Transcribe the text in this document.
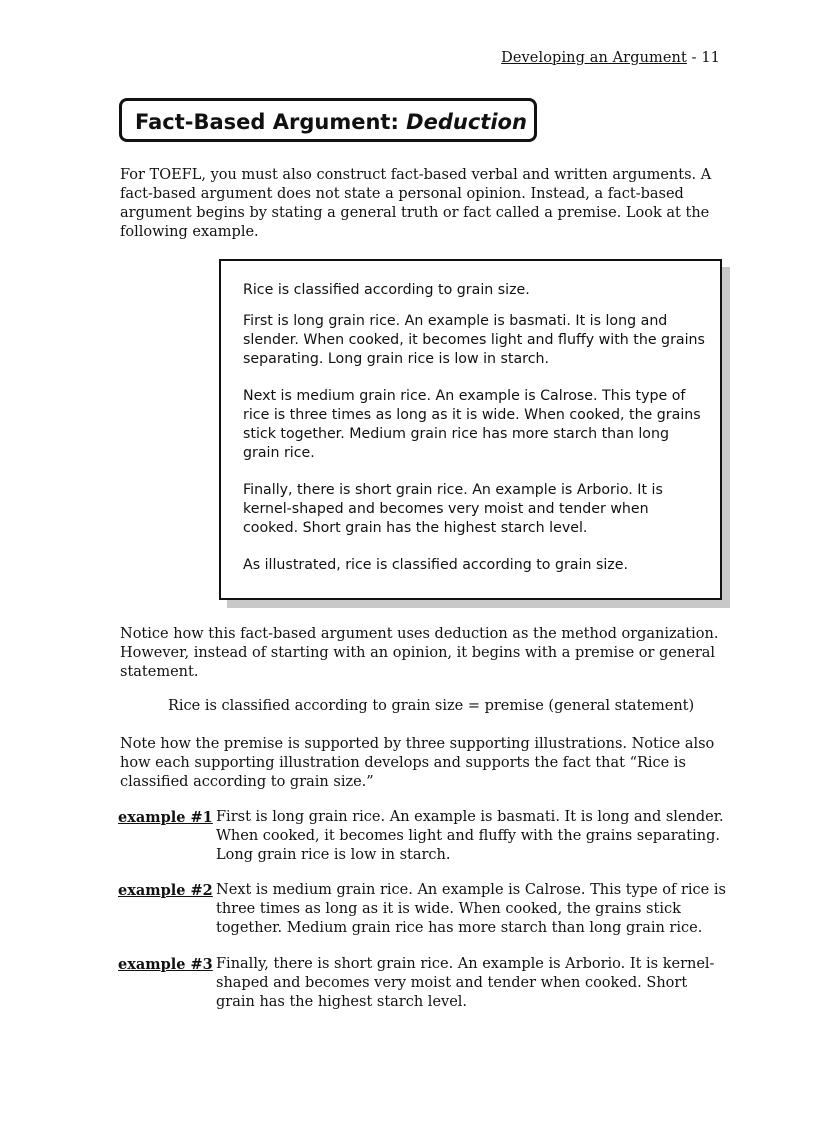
Developing an Argument - 11
Fact-Based Argument: Deduction

For TOEFL, you must also construct fact-based verbal and written arguments. A fact-based argument does not state a personal opinion. Instead, a fact-based argument begins by stating a general truth or fact called a premise. Look at the following example.

Rice is classified according to grain size.

First is long grain rice. An example is basmati. It is long and slender. When cooked, it becomes light and fluffy with the grains separating. Long grain rice is low in starch.

Next is medium grain rice. An example is Calrose. This type of rice is three times as long as it is wide. When cooked, the grains stick together. Medium grain rice has more starch than long grain rice.

Finally, there is short grain rice. An example is Arborio. It is kernel-shaped and becomes very moist and tender when cooked. Short grain has the highest starch level.

As illustrated, rice is classified according to grain size.

Notice how this fact-based argument uses deduction as the method organization. However, instead of starting with an opinion, it begins with a premise or general statement.

Rice is classified according to grain size = premise (general statement)

Note how the premise is supported by three supporting illustrations. Notice also how each supporting illustration develops and supports the fact that “Rice is classified according to grain size.”

example #1 First is long grain rice. An example is basmati. It is long and slender. When cooked, it becomes light and fluffy with the grains separating. Long grain rice is low in starch.
example #2 Next is medium grain rice. An example is Calrose. This type of rice is three times as long as it is wide. When cooked, the grains stick together. Medium grain rice has more starch than long grain rice.
example #3 Finally, there is short grain rice. An example is Arborio. It is kernel-shaped and becomes very moist and tender when cooked. Short grain has the highest starch level.
